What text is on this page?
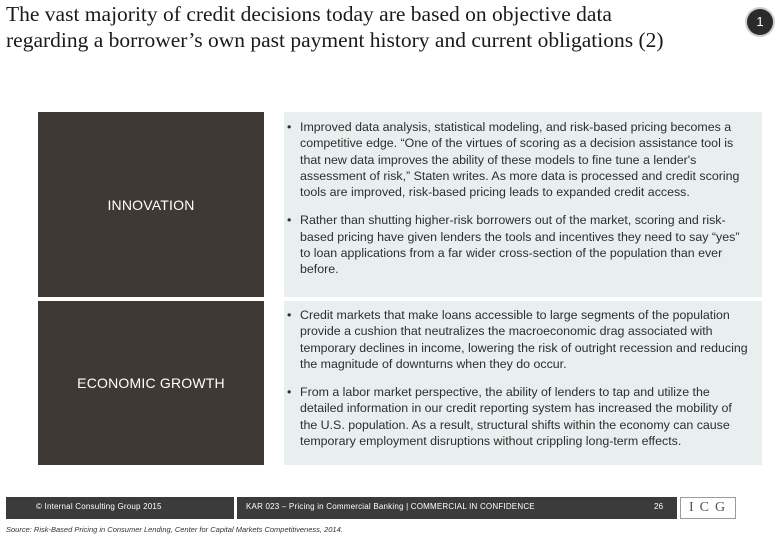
The vast majority of credit decisions today are based on objective data regarding a borrower’s own past payment history and current obligations (2)
1
INNOVATION
• Improved data analysis, statistical modeling, and risk-based pricing becomes a competitive edge. “One of the virtues of scoring as a decision assistance tool is that new data improves the ability of these models to fine tune a lender's assessment of risk,” Staten writes. As more data is processed and credit scoring tools are improved, risk-based pricing leads to expanded credit access.
• Rather than shutting higher-risk borrowers out of the market, scoring and risk-based pricing have given lenders the tools and incentives they need to say “yes” to loan applications from a far wider cross-section of the population than ever before.
ECONOMIC GROWTH
• Credit markets that make loans accessible to large segments of the population provide a cushion that neutralizes the macroeconomic drag associated with temporary declines in income, lowering the risk of outright recession and reducing the magnitude of downturns when they do occur.
• From a labor market perspective, the ability of lenders to tap and utilize the detailed information in our credit reporting system has increased the mobility of the U.S. population. As a result, structural shifts within the economy can cause temporary employment disruptions without crippling long-term effects.
© Internal Consulting Group 2015	KAR 023 – Pricing in Commercial Banking | COMMERCIAL IN CONFIDENCE	26	ICG
Source: Risk-Based Pricing in Consumer Lending, Center for Capital Markets Competitiveness, 2014.
